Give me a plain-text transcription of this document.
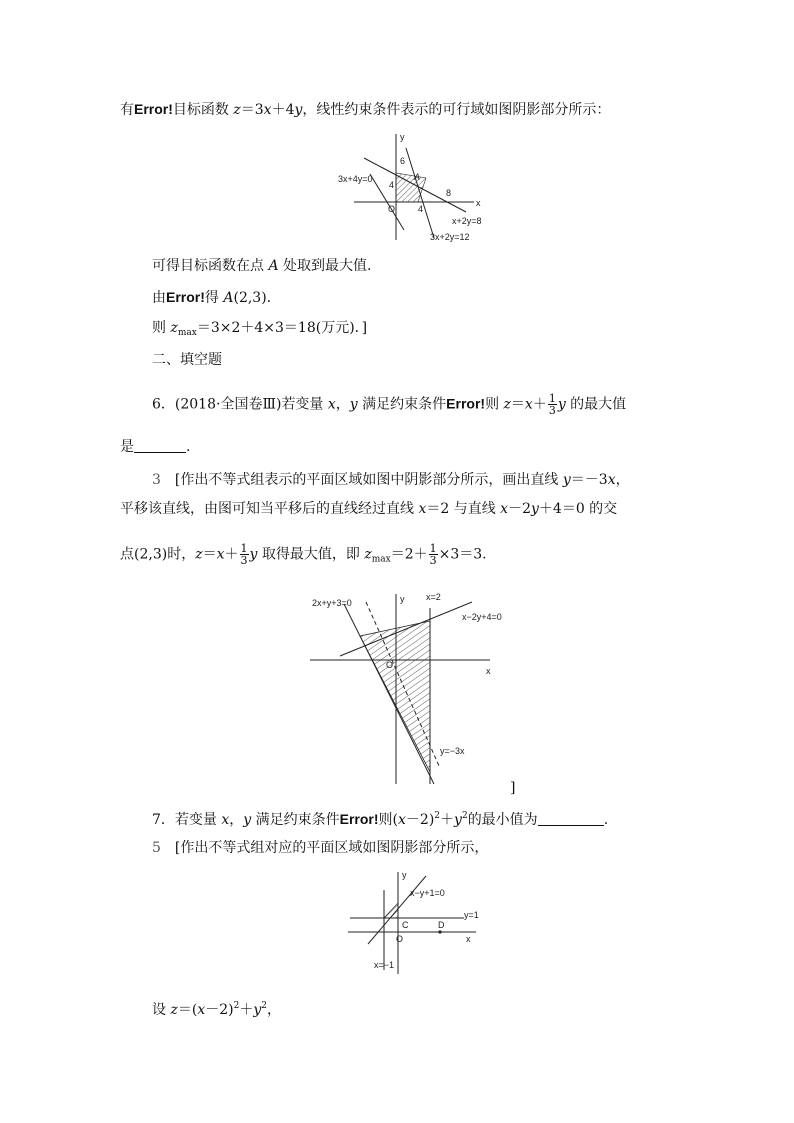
有Error!目标函数 z＝3x＋4y，线性约束条件表示的可行域如图阴影部分所示：
y
6
A
3x+4y=0
4
8
x
O	4
x+2y=8
3x+2y=12
可得目标函数在点 A 处取到最大值.
由Error!得 A(2,3).
则 $z_{max}=3\times 2+4\times 3=18$(万元)．]
二、填空题
6．(2018·全国卷Ⅲ)若变量 x，y 满足约束条件Error!则 $z=x+ \frac{1}{3}$ y 的最大值
是	.
3 [作出不等式组表示的平面区域如图中阴影部分所示，画出直线 y＝－3x，
平移该直线，由图可知当平移后的直线经过直线 x＝2 与直线 x－2y＋4＝0 的交
点(2,3)时，$z=x+ \frac{1}{3}$ y 取得最大值，即 $z_{max}=2+ \frac{1}{3} \times 3=3$.
2x+y+3=0	y x=2
x−2y+4=0
O
x
y=−3x
]
7．若变量 x，y 满足约束条件Error!则$(x-2)^2+y^2$的最小值为	.
5 [作出不等式组对应的平面区域如图阴影部分所示，
y
x−y+1=0
y=1
C	D
O	x
x=−1
设 $z=(x-2)^2+y^2$，
